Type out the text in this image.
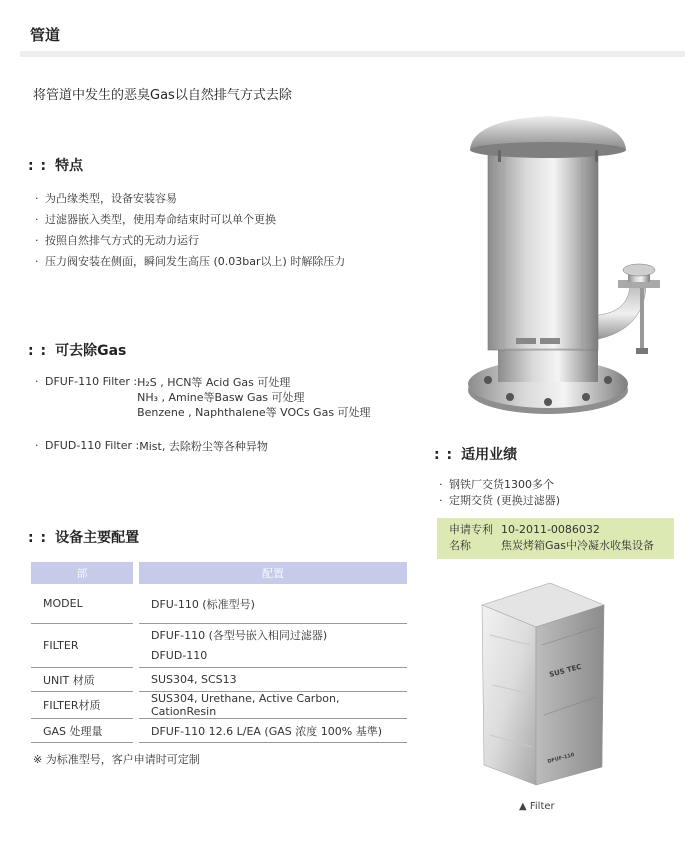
管道
将管道中发生的恶臭Gas以自然排气方式去除
: : 特点
· 为凸缘类型，设备安装容易
· 过滤器嵌入类型，使用寿命结束时可以单个更换
· 按照自然排气方式的无动力运行
· 压力阀安装在侧面，瞬间发生高压 (0.03bar以上) 时解除压力
: : 可去除Gas
· DFUF-110 Filter : H₂S , HCN等 Acid Gas 可处理
NH₃ , Amine等Basw Gas 可处理
Benzene , Naphthalene等 VOCs Gas 可处理
· DFUD-110 Filter : Mist, 去除粉尘等各种异物
: : 适用业绩
· 钢铁厂交货1300多个
· 定期交货 (更换过滤器)
申请专利 10-2011-0086032
名称	焦炭烤箱Gas中冷凝水收集设备
: : 设备主要配置
部		配置
MODEL		DFU-110 (标准型号)
FILTER		DFUF-110 (各型号嵌入相同过滤器)
DFUD-110

UNIT 材质		SUS304, SCS13
FILTER材质		SUS304, Urethane, Active Carbon, CationResin
GAS 处理量		DFUF-110 12.6 L/EA (GAS 浓度 100% 基準)
※ 为标准型号，客户申请时可定制
SUS TEC
DFUF-110
▲ Filter
